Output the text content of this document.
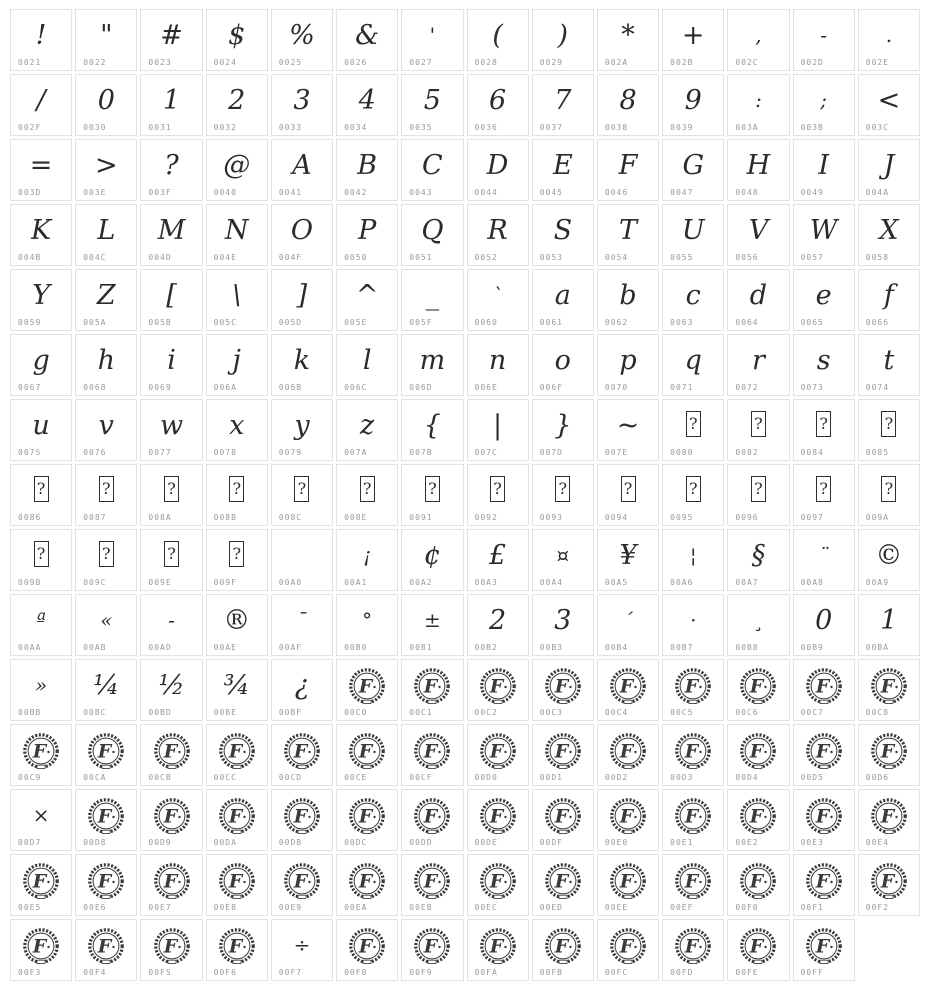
!
0021
"
0022
#
0023
$
0024
%
0025
&
0026
'
0027
(
0028
)
0029
*
002A
+
002B
,
002C
-
002D
.
002E
/
002F
0
0030
1
0031
2
0032
3
0033
4
0034
5
0035
6
0036
7
0037
8
0038
9
0039
:
003A
;
003B
<
003C
=
003D
>
003E
?
003F
@
0040
A
0041
B
0042
C
0043
D
0044
E
0045
F
0046
G
0047
H
0048
I
0049
J
004A
K
004B
L
004C
M
004D
N
004E
O
004F
P
0050
Q
0051
R
0052
S
0053
T
0054
U
0055
V
0056
W
0057
X
0058
Y
0059
Z
005A
[
005B
\
005C
]
005D
^
005E
_
005F
`
0060
a
0061
b
0062
c
0063
d
0064
e
0065
f
0066
g
0067
h
0068
i
0069
j
006A
k
006B
l
006C
m
006D
n
006E
o
006F
p
0070
q
0071
r
0072
s
0073
t
0074
u
0075
v
0076
w
0077
x
0078
y
0079
z
007A
{
007B
|
007C
}
007D
~
007E
?
0080
?
0082
?
0084
?
0085
?
0086
?
0087
?
008A
?
008B
?
008C
?
008E
?
0091
?
0092
?
0093
?
0094
?
0095
?
0096
?
0097
?
009A
?
009B
?
009C
?
009E
?
009F	00A0
¡
00A1
¢
00A2
£
00A3
¤
00A4
¥
00A5
¦
00A6
§
00A7
¨
00A8
©
00A9
ª
00AA
«
00AB
-
00AD
®
00AE
¯
00AF
°
00B0
±
00B1
2
00B2
3
00B3
´
00B4
·
00B7
¸
00B8
0
00B9
1
00BA
»
00BB
¼
00BC
½
00BD
¾
00BE
¿
00BF
F
00C0
F
00C1
F
00C2
F
00C3
F
00C4
F
00C5
F
00C6
F
00C7
F
00C8
F
00C9
F
00CA
F
00CB
F
00CC
F
00CD
F
00CE
F
00CF
F
00D0
F
00D1
F
00D2
F
00D3
F
00D4
F
00D5
F
00D6
×
00D7
F
00D8
F
00D9
F
00DA
F
00DB
F
00DC
F
00DD
F
00DE
F
00DF
F
00E0
F
00E1
F
00E2
F
00E3
F
00E4
F
00E5
F
00E6
F
00E7
F
00E8
F
00E9
F
00EA
F
00EB
F
00EC
F
00ED
F
00EE
F
00EF
F
00F0
F
00F1
F
00F2
F
00F3
F
00F4
F
00F5
F
00F6
÷
00F7
F
00F8
F
00F9
F
00FA
F
00FB
F
00FC
F
00FD
F
00FE
F
00FF
